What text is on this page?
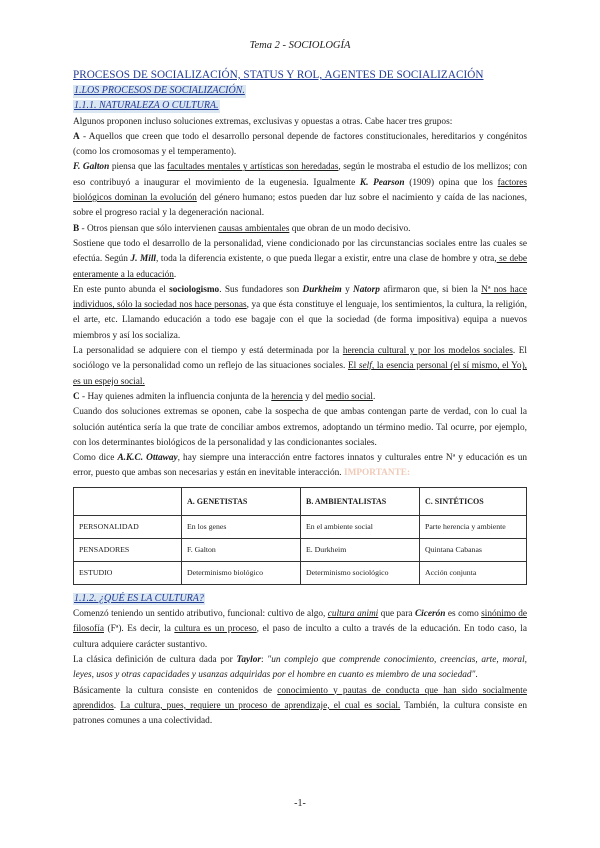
Tema 2 - SOCIOLOGÍA
PROCESOS DE SOCIALIZACIÓN, STATUS Y ROL, AGENTES DE SOCIALIZACIÓN
1.LOS PROCESOS DE SOCIALIZACIÓN.
1.1.1. NATURALEZA O CULTURA.

Algunos proponen incluso soluciones extremas, exclusivas y opuestas a otras. Cabe hacer tres grupos:

A - Aquellos que creen que todo el desarrollo personal depende de factores constitucionales, hereditarios y congénitos (como los cromosomas y el temperamento).

F. Galton piensa que las facultades mentales y artísticas son heredadas, según le mostraba el estudio de los mellizos; con eso contribuyó a inaugurar el movimiento de la eugenesia. Igualmente K. Pearson (1909) opina que los factores biológicos dominan la evolución del género humano; estos pueden dar luz sobre el nacimiento y caída de las naciones, sobre el progreso racial y la degeneración nacional.

B - Otros piensan que sólo intervienen causas ambientales que obran de un modo decisivo.

Sostiene que todo el desarrollo de la personalidad, viene condicionado por las circunstancias sociales entre las cuales se efectúa. Según J. Mill, toda la diferencia existente, o que pueda llegar a existir, entre una clase de hombre y otra, se debe enteramente a la educación.

En este punto abunda el sociologismo. Sus fundadores son Durkheim y Natorp afirmaron que, si bien la Nª nos hace individuos, sólo la sociedad nos hace personas, ya que ésta constituye el lenguaje, los sentimientos, la cultura, la religión, el arte, etc. Llamando educación a todo ese bagaje con el que la sociedad (de forma impositiva) equipa a nuevos miembros y así los socializa.

La personalidad se adquiere con el tiempo y está determinada por la herencia cultural y por los modelos sociales. El sociólogo ve la personalidad como un reflejo de las situaciones sociales. El self, la esencia personal (el sí mismo, el Yo), es un espejo social.

C - Hay quienes admiten la influencia conjunta de la herencia y del medio social.

Cuando dos soluciones extremas se oponen, cabe la sospecha de que ambas contengan parte de verdad, con lo cual la solución auténtica sería la que trate de conciliar ambos extremos, adoptando un término medio. Tal ocurre, por ejemplo, con los determinantes biológicos de la personalidad y las condicionantes sociales.

Como dice A.K.C. Ottaway, hay siempre una interacción entre factores innatos y culturales entre Nª y educación es un error, puesto que ambas son necesarias y están en inevitable interacción. IMPORTANTE:

	A. GENETISTAS	B. AMBIENTALISTAS	C. SINTÉTICOS
PERSONALIDAD	En los genes	En el ambiente social	Parte herencia y ambiente
PENSADORES	F. Galton	E. Durkheim	Quintana Cabanas
ESTUDIO	Determinismo biológico	Determinismo sociológico	Acción conjunta
1.1.2. ¿QUÉ ES LA CULTURA?

Comenzó teniendo un sentido atributivo, funcional: cultivo de algo, cultura animi que para Cicerón es como sinónimo de filosofía (Fª). Es decir, la cultura es un proceso, el paso de inculto a culto a través de la educación. En todo caso, la cultura adquiere carácter sustantivo.

La clásica definición de cultura dada por Taylor: "un complejo que comprende conocimiento, creencias, arte, moral, leyes, usos y otras capacidades y usanzas adquiridas por el hombre en cuanto es miembro de una sociedad".

Básicamente la cultura consiste en contenidos de conocimiento y pautas de conducta que han sido socialmente aprendidos. La cultura, pues, requiere un proceso de aprendizaje, el cual es social. También, la cultura consiste en patrones comunes a una colectividad.

-1-
